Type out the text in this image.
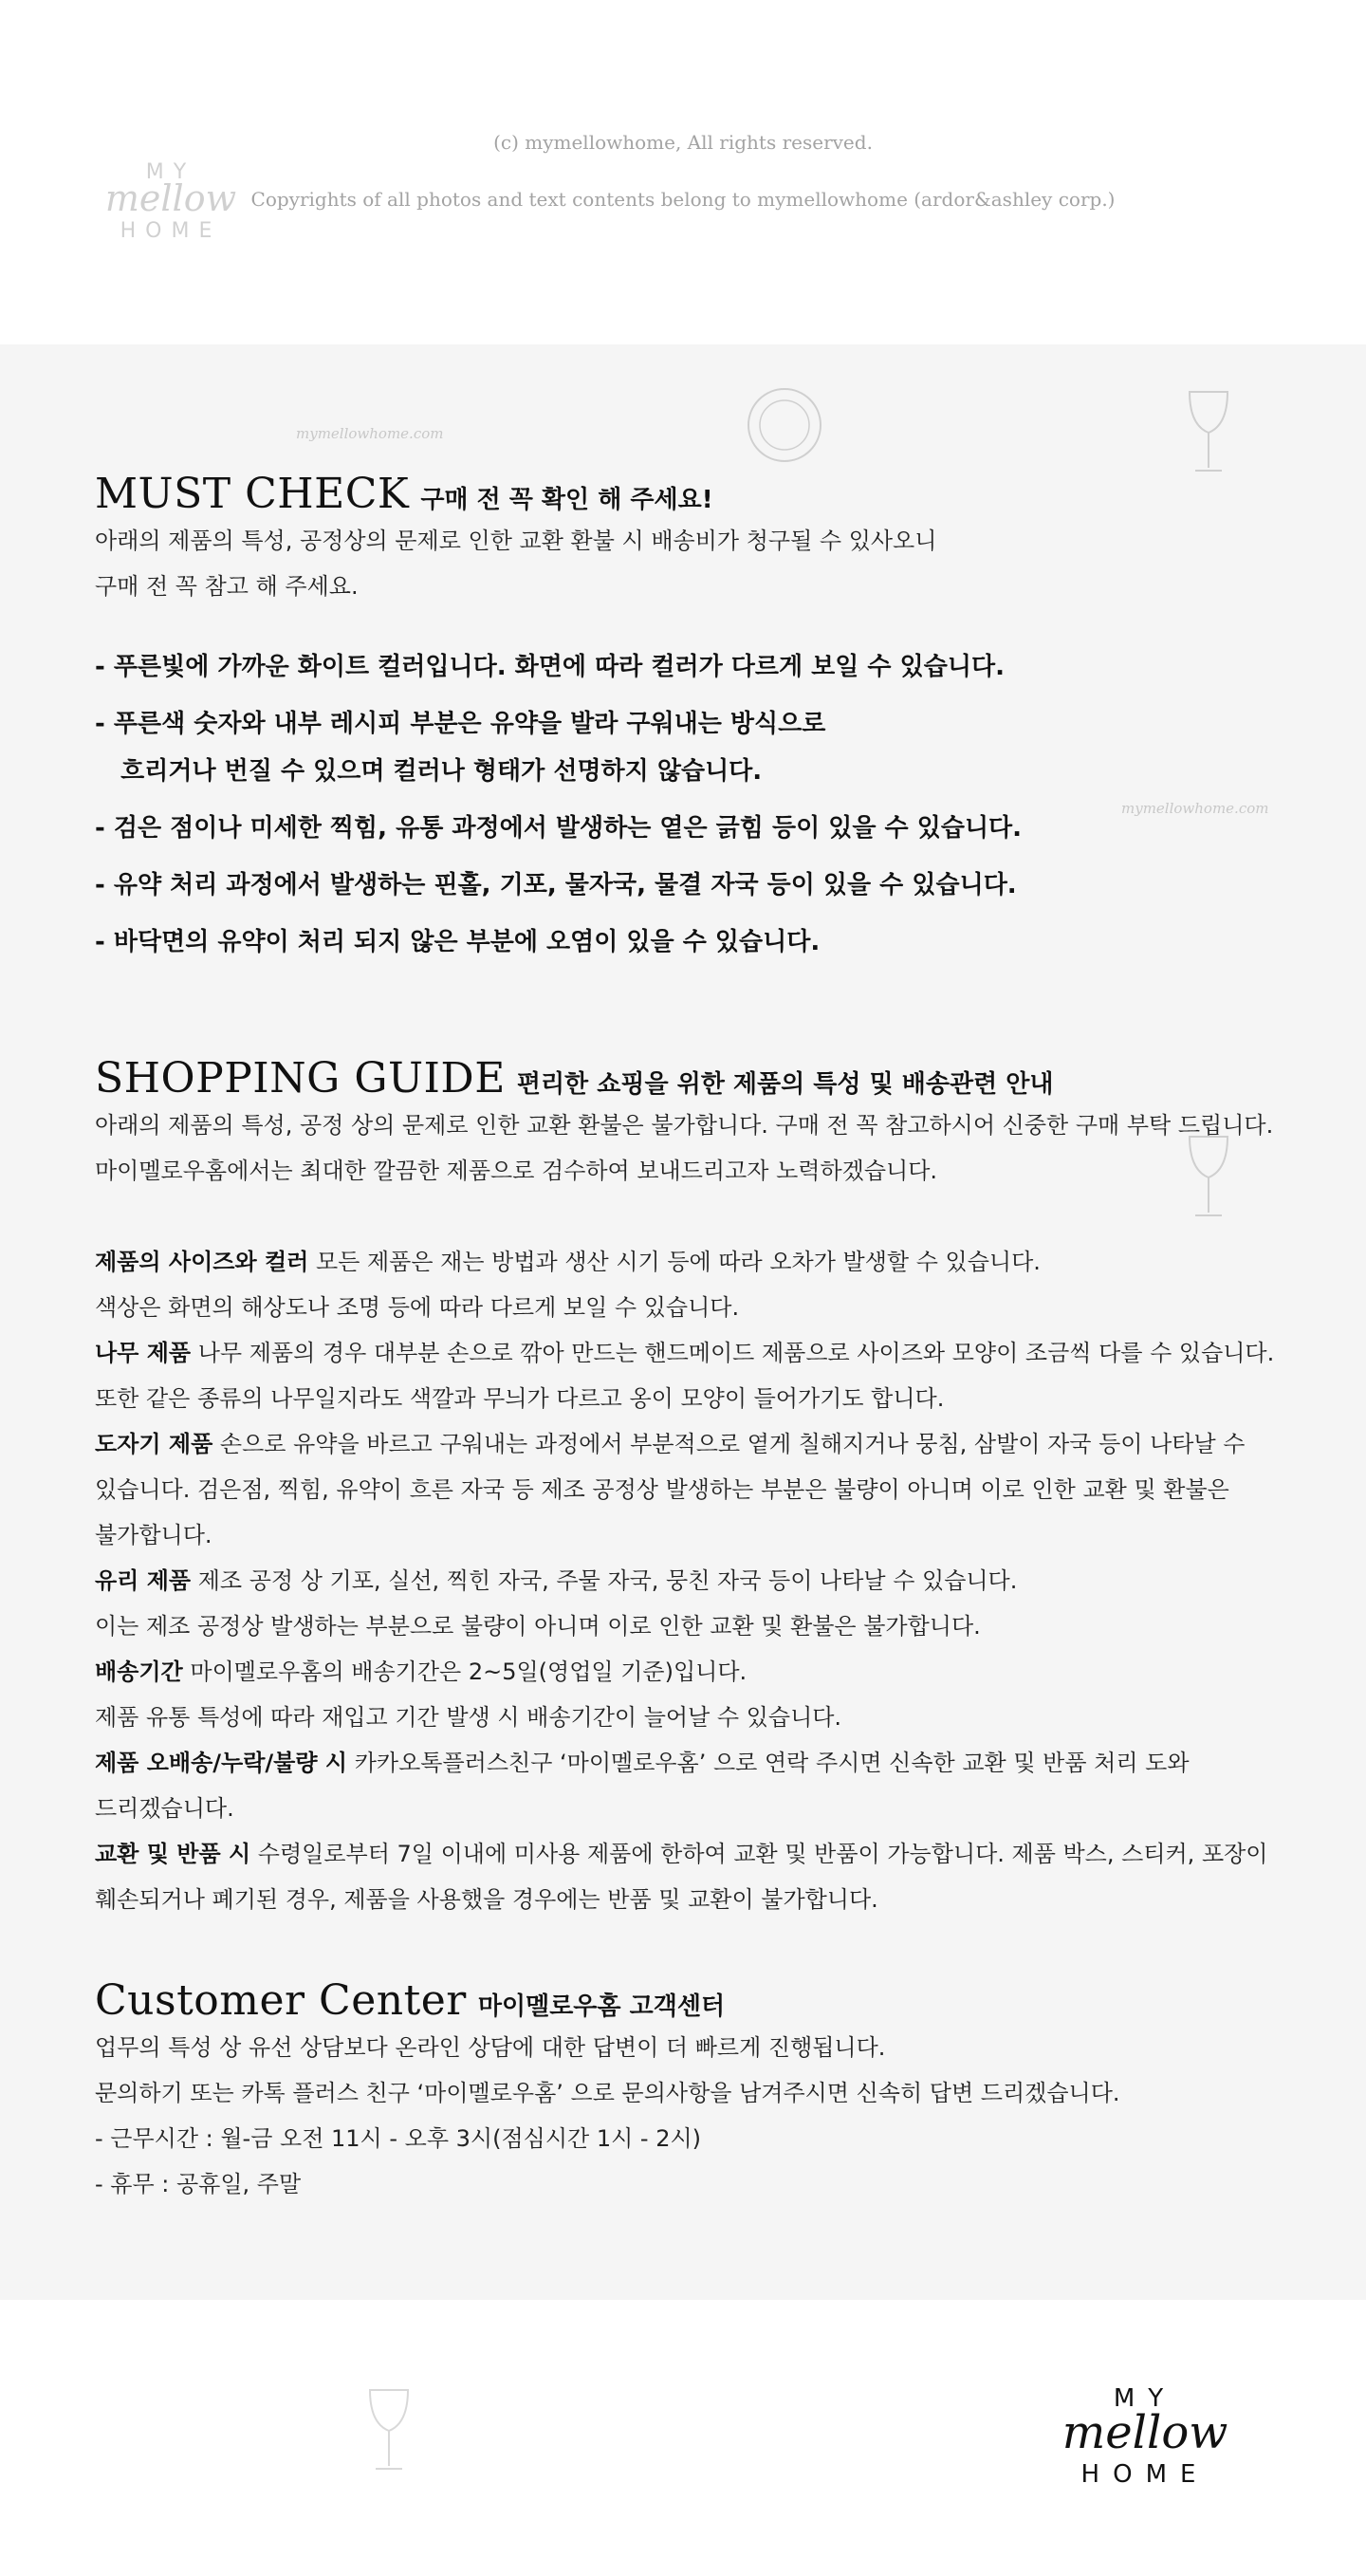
MY
mellow
HOME
(c) mymellowhome, All rights reserved.
Copyrights of all photos and text contents belong to mymellowhome (ardor&ashley corp.)
mymellowhome.com
mymellowhome.com
MUST CHECK 구매 전 꼭 확인 해 주세요!
아래의 제품의 특성, 공정상의 문제로 인한 교환 환불 시 배송비가 청구될 수 있사오니
구매 전 꼭 참고 해 주세요.
- 푸른빛에 가까운 화이트 컬러입니다. 화면에 따라 컬러가 다르게 보일 수 있습니다.
- 푸른색 숫자와 내부 레시피 부분은 유약을 발라 구워내는 방식으로
흐리거나 번질 수 있으며 컬러나 형태가 선명하지 않습니다.
- 검은 점이나 미세한 찍힘, 유통 과정에서 발생하는 옅은 긁힘 등이 있을 수 있습니다.
- 유약 처리 과정에서 발생하는 핀홀, 기포, 물자국, 물결 자국 등이 있을 수 있습니다.
- 바닥면의 유약이 처리 되지 않은 부분에 오염이 있을 수 있습니다.
SHOPPING GUIDE 편리한 쇼핑을 위한 제품의 특성 및 배송관련 안내
아래의 제품의 특성, 공정 상의 문제로 인한 교환 환불은 불가합니다. 구매 전 꼭 참고하시어 신중한 구매 부탁 드립니다.
마이멜로우홈에서는 최대한 깔끔한 제품으로 검수하여 보내드리고자 노력하겠습니다.
제품의 사이즈와 컬러 모든 제품은 재는 방법과 생산 시기 등에 따라 오차가 발생할 수 있습니다.
색상은 화면의 해상도나 조명 등에 따라 다르게 보일 수 있습니다.
나무 제품 나무 제품의 경우 대부분 손으로 깎아 만드는 핸드메이드 제품으로 사이즈와 모양이 조금씩 다를 수 있습니다.
또한 같은 종류의 나무일지라도 색깔과 무늬가 다르고 옹이 모양이 들어가기도 합니다.
도자기 제품 손으로 유약을 바르고 구워내는 과정에서 부분적으로 옅게 칠해지거나 뭉침, 삼발이 자국 등이 나타날 수
있습니다. 검은점, 찍힘, 유약이 흐른 자국 등 제조 공정상 발생하는 부분은 불량이 아니며 이로 인한 교환 및 환불은
불가합니다.
유리 제품 제조 공정 상 기포, 실선, 찍힌 자국, 주물 자국, 뭉친 자국 등이 나타날 수 있습니다.
이는 제조 공정상 발생하는 부분으로 불량이 아니며 이로 인한 교환 및 환불은 불가합니다.
배송기간 마이멜로우홈의 배송기간은 2~5일(영업일 기준)입니다.
제품 유통 특성에 따라 재입고 기간 발생 시 배송기간이 늘어날 수 있습니다.
제품 오배송/누락/불량 시 카카오톡플러스친구 ‘마이멜로우홈’ 으로 연락 주시면 신속한 교환 및 반품 처리 도와
드리겠습니다.
교환 및 반품 시 수령일로부터 7일 이내에 미사용 제품에 한하여 교환 및 반품이 가능합니다. 제품 박스, 스티커, 포장이
훼손되거나 폐기된 경우, 제품을 사용했을 경우에는 반품 및 교환이 불가합니다.
Customer Center 마이멜로우홈 고객센터
업무의 특성 상 유선 상담보다 온라인 상담에 대한 답변이 더 빠르게 진행됩니다.
문의하기 또는 카톡 플러스 친구 ‘마이멜로우홈’ 으로 문의사항을 남겨주시면 신속히 답변 드리겠습니다.
- 근무시간 : 월-금 오전 11시 - 오후 3시(점심시간 1시 - 2시)
- 휴무 : 공휴일, 주말
MY
mellow
HOME
